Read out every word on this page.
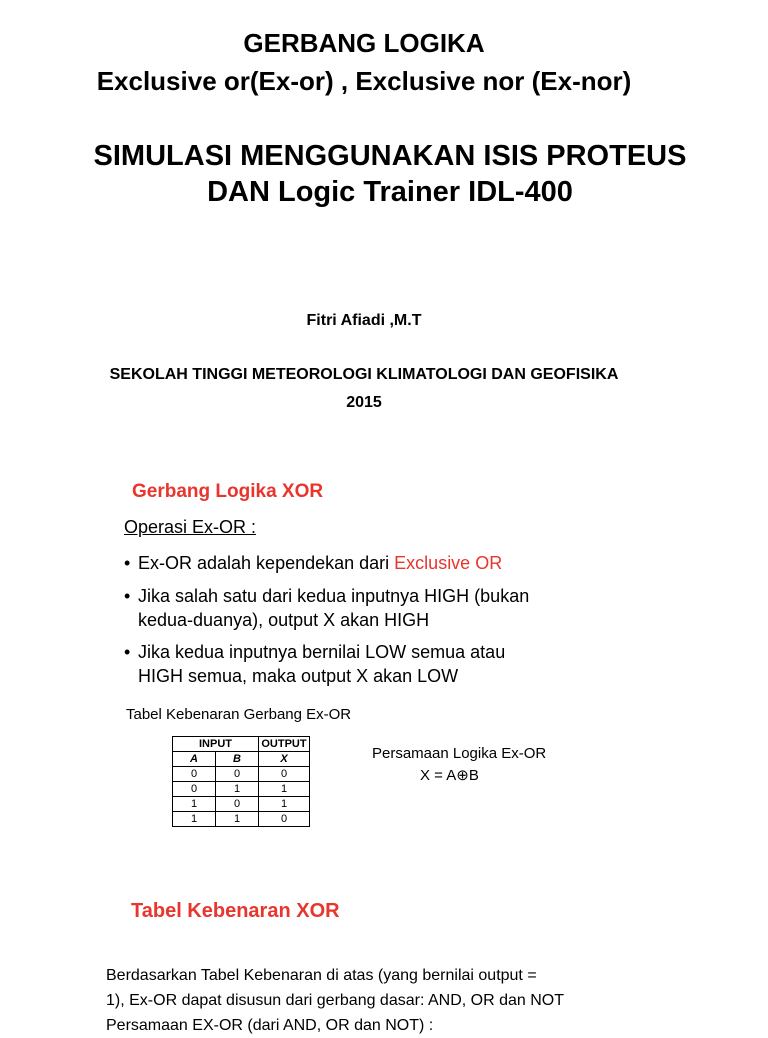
GERBANG LOGIKA
Exclusive or(Ex-or) , Exclusive nor (Ex-nor)
SIMULASI MENGGUNAKAN ISIS PROTEUS
DAN Logic Trainer IDL-400
Fitri Afiadi ,M.T
SEKOLAH TINGGI METEOROLOGI KLIMATOLOGI DAN GEOFISIKA
2015
Gerbang Logika XOR
Operasi Ex-OR :
• Ex-OR adalah kependekan dari Exclusive OR
• Jika salah satu dari kedua inputnya HIGH (bukan
kedua-duanya), output X akan HIGH
• Jika kedua inputnya bernilai LOW semua atau
HIGH semua, maka output X akan LOW
Tabel Kebenaran Gerbang Ex-OR
INPUT		OUTPUT
A	B	X
0	0	0
0	1	1
1	0	1
1	1	0
Persamaan Logika Ex-OR
X = A⊕B
Tabel Kebenaran XOR
Berdasarkan Tabel Kebenaran di atas (yang bernilai output =
1), Ex-OR dapat disusun dari gerbang dasar: AND, OR dan NOT
Persamaan EX-OR (dari AND, OR dan NOT) :
